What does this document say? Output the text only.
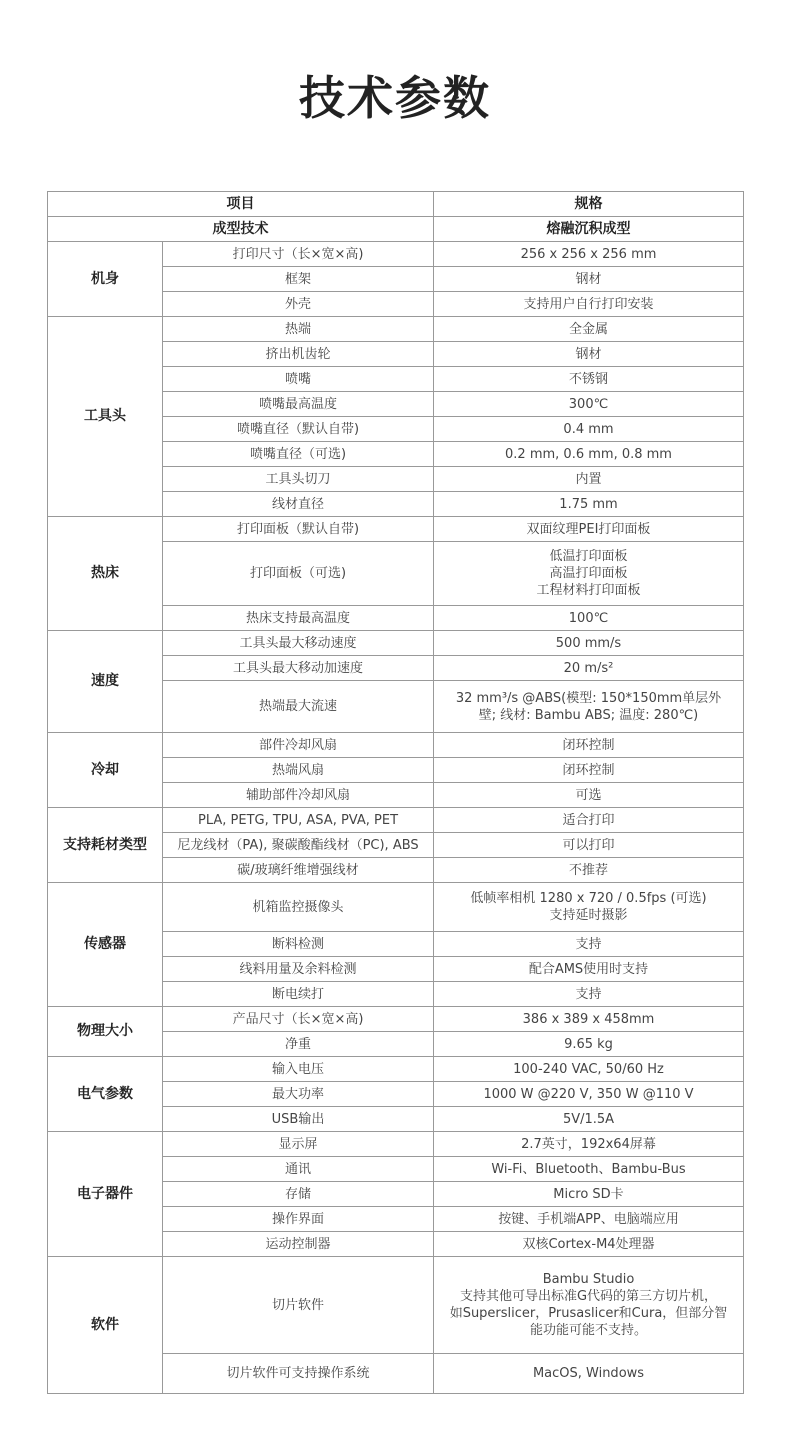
技术参数
项目		规格
成型技术		熔融沉积成型
机身	打印尺寸（长×宽×高)	256 x 256 x 256 mm
	框架	钢材
	外壳	支持用户自行打印安装
工具头	热端	全金属
	挤出机齿轮	钢材
	喷嘴	不锈钢
	喷嘴最高温度	300℃
	喷嘴直径（默认自带)	0.4 mm
	喷嘴直径（可选)	0.2 mm, 0.6 mm, 0.8 mm
	工具头切刀	内置
	线材直径	1.75 mm
热床	打印面板（默认自带)	双面纹理PEI打印面板
	打印面板（可选)	低温打印面板
高温打印面板
工程材料打印面板
	热床支持最高温度	100℃
速度	工具头最大移动速度	500 mm/s
	工具头最大移动加速度	20 m/s²
	热端最大流速	32 mm³/s @ABS(模型: 150*150mm单层外
壁; 线材: Bambu ABS; 温度: 280℃)
冷却	部件冷却风扇	闭环控制
	热端风扇	闭环控制
	辅助部件冷却风扇	可选
支持耗材类型	PLA, PETG, TPU, ASA, PVA, PET	适合打印
	尼龙线材（PA), 聚碳酸酯线材（PC), ABS	可以打印
	碳/玻璃纤维增强线材	不推荐
传感器	机箱监控摄像头	低帧率相机 1280 x 720 / 0.5fps (可选)
支持延时摄影
	断料检测	支持
	线料用量及余料检测	配合AMS使用时支持
	断电续打	支持
物理大小	产品尺寸（长×宽×高)	386 x 389 x 458mm
	净重	9.65 kg
电气参数	输入电压	100-240 VAC, 50/60 Hz
	最大功率	1000 W @220 V, 350 W @110 V
	USB输出	5V/1.5A
电子器件	显示屏	2.7英寸，192x64屏幕
	通讯	Wi-Fi、Bluetooth、Bambu-Bus
	存储	Micro SD卡
	操作界面	按键、手机端APP、电脑端应用
	运动控制器	双核Cortex-M4处理器
软件	切片软件	Bambu Studio
支持其他可导出标准G代码的第三方切片机，
如Superslicer，Prusaslicer和Cura，但部分智
能功能可能不支持。
	切片软件可支持操作系统	MacOS, Windows
